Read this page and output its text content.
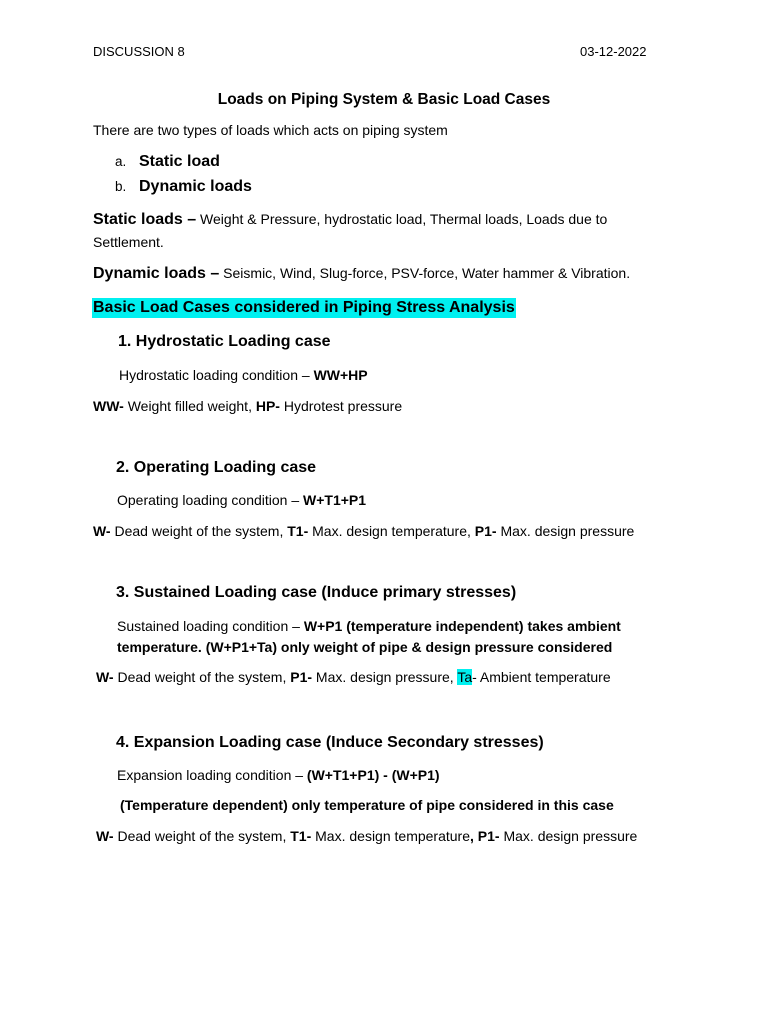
DISCUSSION 8	03-12-2022
Loads on Piping System & Basic Load Cases
There are two types of loads which acts on piping system
a. Static load
b. Dynamic loads
Static loads – Weight & Pressure, hydrostatic load, Thermal loads, Loads due to
Settlement.
Dynamic loads – Seismic, Wind, Slug-force, PSV-force, Water hammer & Vibration.
Basic Load Cases considered in Piping Stress Analysis
1. Hydrostatic Loading case
Hydrostatic loading condition – WW+HP
WW- Weight filled weight, HP- Hydrotest pressure
2. Operating Loading case
Operating loading condition – W+T1+P1
W- Dead weight of the system, T1- Max. design temperature, P1- Max. design pressure
3. Sustained Loading case (Induce primary stresses)
Sustained loading condition – W+P1 (temperature independent) takes ambient
temperature. (W+P1+Ta) only weight of pipe & design pressure considered
W- Dead weight of the system, P1- Max. design pressure, Ta- Ambient temperature
4. Expansion Loading case (Induce Secondary stresses)
Expansion loading condition – (W+T1+P1) - (W+P1)
(Temperature dependent) only temperature of pipe considered in this case
W- Dead weight of the system, T1- Max. design temperature, P1- Max. design pressure
